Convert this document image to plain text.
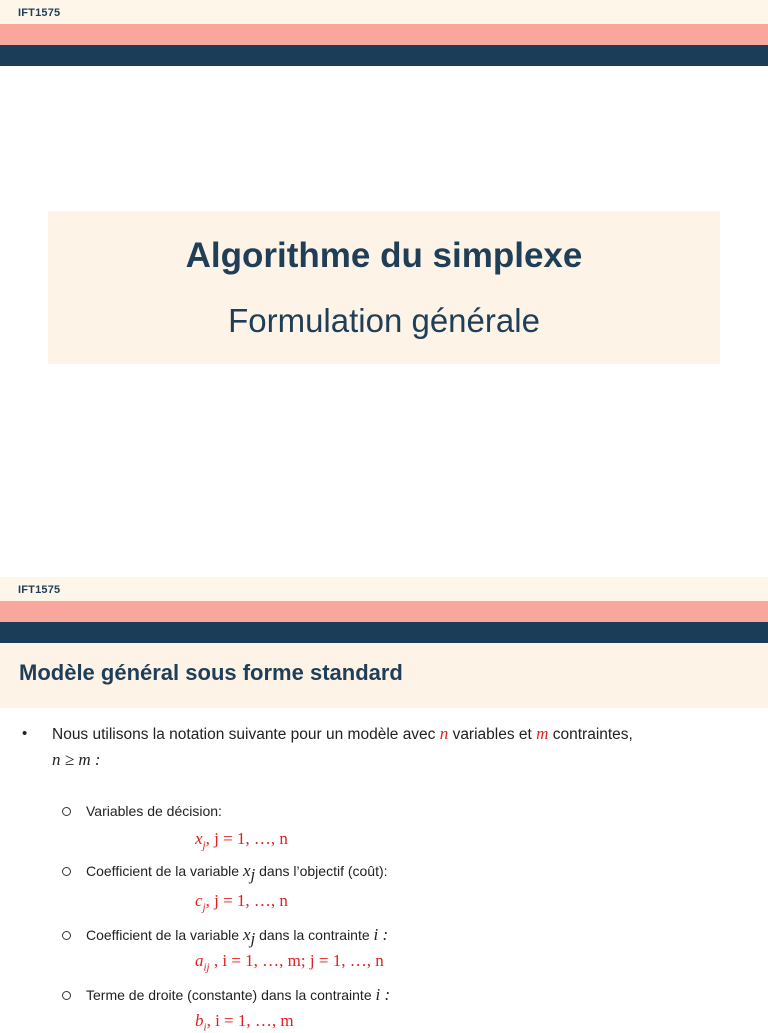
IFT1575
Algorithme du simplexe
Formulation générale
IFT1575
Modèle général sous forme standard
• Nous utilisons la notation suivante pour un modèle avec n variables et m contraintes,
n ≥ m :
Variables de décision:
$x_j$, j = 1, …, n
Coefficient de la variable $x_j$ dans l’objectif (coût):
$c_j$, j = 1, …, n
Coefficient de la variable $x_j$ dans la contrainte i :
$a_{ij}$ , i = 1, …, m; j = 1, …, n
Terme de droite (constante) dans la contrainte i :
$b_i$, i = 1, …, m
